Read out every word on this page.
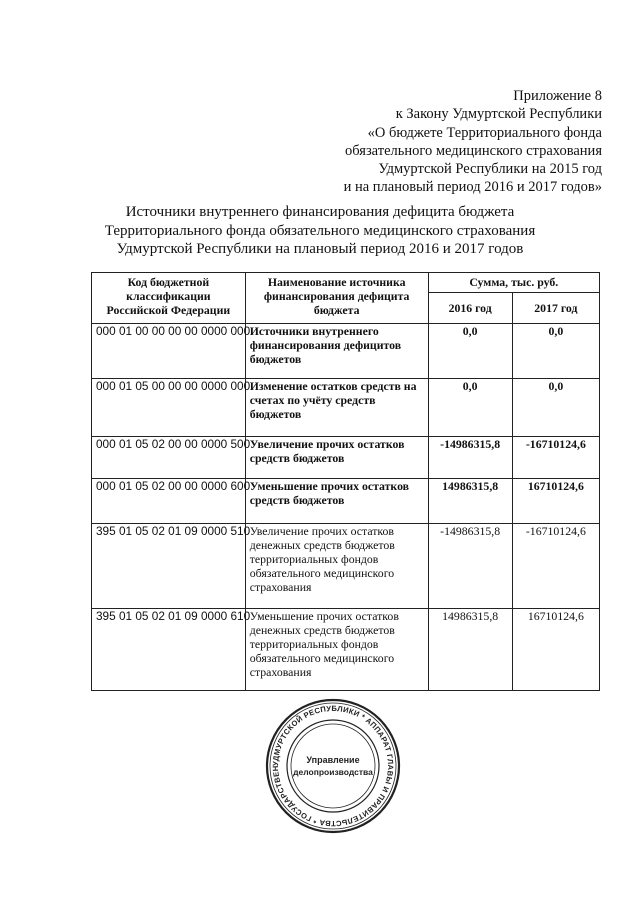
Приложение 8
к Закону Удмуртской Республики
«О бюджете Территориального фонда
обязательного медицинского страхования
Удмуртской Республики на 2015 год
и на плановый период 2016 и 2017 годов»
Источники внутреннего финансирования дефицита бюджета
Территориального фонда обязательного медицинского страхования
Удмуртской Республики на плановый период 2016 и 2017 годов
Код бюджетной классификации Российской Федерации	Наименование источника финансирования дефицита бюджета	Сумма, тыс. руб.	
		2016 год	2017 год
000 01 00 00 00 00 0000 000	Источники внутреннего финансирования дефицитов бюджетов	0,0	0,0
000 01 05 00 00 00 0000 000	Изменение остатков средств на счетах по учёту средств бюджетов	0,0	0,0
000 01 05 02 00 00 0000 500	Увеличение прочих остатков средств бюджетов	-14986315,8	-16710124,6
000 01 05 02 00 00 0000 600	Уменьшение прочих остатков средств бюджетов	14986315,8	16710124,6
395 01 05 02 01 09 0000 510	Увеличение прочих остатков денежных средств бюджетов территориальных фондов обязательного медицинского страхования	-14986315,8	-16710124,6
395 01 05 02 01 09 0000 610	Уменьшение прочих остатков денежных средств бюджетов территориальных фондов обязательного медицинского страхования	14986315,8	16710124,6
УДМУРТСКОЙ РЕСПУБЛИКИ * АППАРАТ ГЛАВЫ И ПРАВИТЕЛЬСТВА * ГОСУДАРСТВЕН
Управление
делопроизводства
